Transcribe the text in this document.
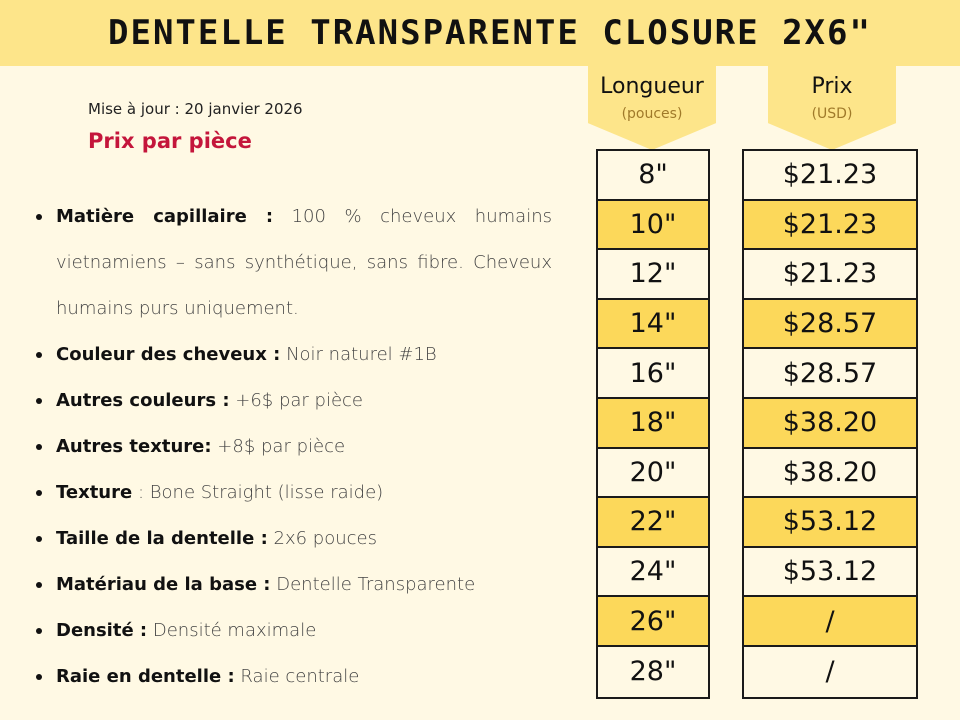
DENTELLE TRANSPARENTE CLOSURE 2X6"
Mise à jour : 20 janvier 2026
Prix par pièce
Matière capillaire : 100 % cheveux humains vietnamiens – sans synthétique, sans fibre. Cheveux humains purs uniquement.
Couleur des cheveux : Noir naturel #1B
Autres couleurs : +6$ par pièce
Autres texture: +8$ par pièce
Texture : Bone Straight (lisse raide)
Taille de la dentelle : 2x6 pouces
Matériau de la base : Dentelle Transparente
Densité : Densité maximale
Raie en dentelle : Raie centrale
Longueur
(pouces)
Prix
(USD)
8"
10"
12"
14"
16"
18"
20"
22"
24"
26"
28"
$21.23
$21.23
$21.23
$28.57
$28.57
$38.20
$38.20
$53.12
$53.12
/
/
